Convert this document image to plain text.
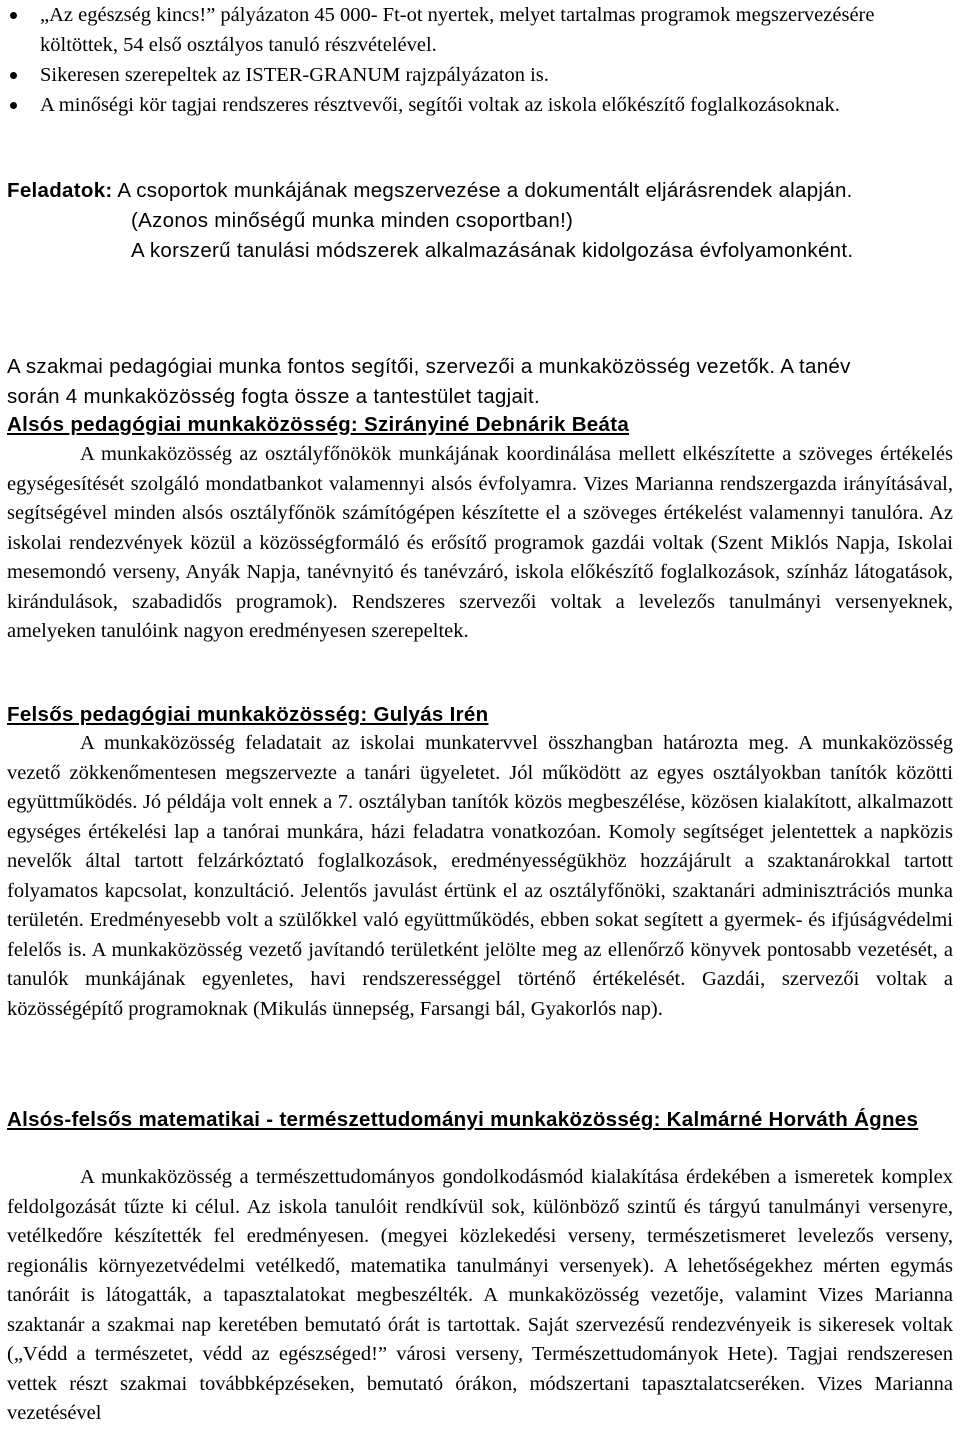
„Az egészség kincs!” pályázaton 45 000- Ft-ot nyertek, melyet tartalmas programok megszervezésére költöttek, 54 első osztályos tanuló részvételével.
Sikeresen szerepeltek az ISTER-GRANUM rajzpályázaton is.
A minőségi kör tagjai rendszeres résztvevői, segítői voltak az iskola előkészítő foglalkozásoknak.
Feladatok: A csoportok munkájának megszervezése a dokumentált eljárásrendek alapján.
(Azonos minőségű munka minden csoportban!)
A korszerű tanulási módszerek alkalmazásának kidolgozása évfolyamonként.
A szakmai pedagógiai munka fontos segítői, szervezői a munkaközösség vezetők. A tanév
során 4 munkaközösség fogta össze a tantestület tagjait.
Alsós pedagógiai munkaközösség: Szirányiné Debnárik Beáta
A munkaközösség az osztályfőnökök munkájának koordinálása mellett elkészítette a szöveges értékelés egységesítését szolgáló mondatbankot valamennyi alsós évfolyamra. Vizes Marianna rendszergazda irányításával, segítségével minden alsós osztályfőnök számítógépen készítette el a szöveges értékelést valamennyi tanulóra. Az iskolai rendezvények közül a közösségformáló és erősítő programok gazdái voltak (Szent Miklós Napja, Iskolai mesemondó verseny, Anyák Napja, tanévnyitó és tanévzáró, iskola előkészítő foglalkozások, színház látogatások, kirándulások, szabadidős programok). Rendszeres szervezői voltak a levelezős tanulmányi versenyeknek, amelyeken tanulóink nagyon eredményesen szerepeltek.
Felsős pedagógiai munkaközösség: Gulyás Irén
A munkaközösség feladatait az iskolai munkatervvel összhangban határozta meg. A munkaközösség vezető zökkenőmentesen megszervezte a tanári ügyeletet. Jól működött az egyes osztályokban tanítók közötti együttműködés. Jó példája volt ennek a 7. osztályban tanítók közös megbeszélése, közösen kialakított, alkalmazott egységes értékelési lap a tanórai munkára, házi feladatra vonatkozóan. Komoly segítséget jelentettek a napközis nevelők által tartott felzárkóztató foglalkozások, eredményességükhöz hozzájárult a szaktanárokkal tartott folyamatos kapcsolat, konzultáció. Jelentős javulást értünk el az osztályfőnöki, szaktanári adminisztrációs munka területén. Eredményesebb volt a szülőkkel való együttműködés, ebben sokat segített a gyermek- és ifjúságvédelmi felelős is. A munkaközösség vezető javítandó területként jelölte meg az ellenőrző könyvek pontosabb vezetését, a tanulók munkájának egyenletes, havi rendszerességgel történő értékelését. Gazdái, szervezői voltak a közösségépítő programoknak (Mikulás ünnepség, Farsangi bál, Gyakorlós nap).
Alsós-felsős matematikai - természettudományi munkaközösség: Kalmárné Horváth Ágnes
A munkaközösség a természettudományos gondolkodásmód kialakítása érdekében a ismeretek komplex feldolgozását tűzte ki célul. Az iskola tanulóit rendkívül sok, különböző szintű és tárgyú tanulmányi versenyre, vetélkedőre készítették fel eredményesen. (megyei közlekedési verseny, természetismeret levelezős verseny, regionális környezetvédelmi vetélkedő, matematika tanulmányi versenyek). A lehetőségekhez mérten egymás tanóráit is látogatták, a tapasztalatokat megbeszélték. A munkaközösség vezetője, valamint Vizes Marianna szaktanár a szakmai nap keretében bemutató órát is tartottak. Saját szervezésű rendezvényeik is sikeresek voltak („Védd a természetet, védd az egészséged!” városi verseny, Természettudományok Hete). Tagjai rendszeresen vettek részt szakmai továbbképzéseken, bemutató órákon, módszertani tapasztalatcseréken. Vizes Marianna vezetésével
